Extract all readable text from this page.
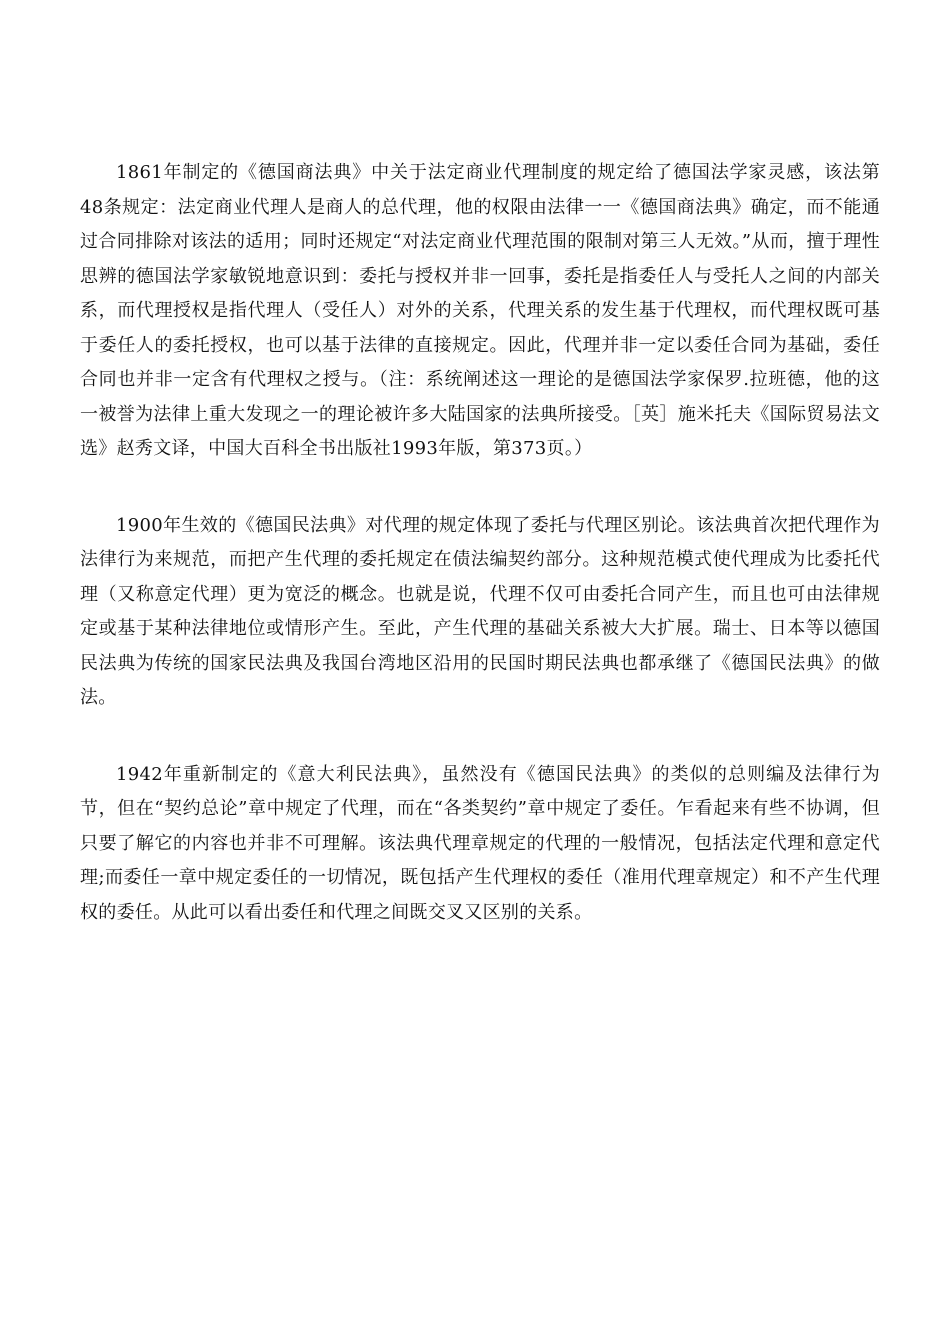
1861年制定的《德国商法典》中关于法定商业代理制度的规定给了德国法学家灵感，该法第48条规定：法定商业代理人是商人的总代理，他的权限由法律一一《德国商法典》确定，而不能通过合同排除对该法的适用；同时还规定“对法定商业代理范围的限制对第三人无效。”从而，擅于理性思辨的德国法学家敏锐地意识到：委托与授权并非一回事，委托是指委任人与受托人之间的内部关系，而代理授权是指代理人（受任人）对外的关系，代理关系的发生基于代理权，而代理权既可基于委任人的委托授权，也可以基于法律的直接规定。因此，代理并非一定以委任合同为基础，委任合同也并非一定含有代理权之授与。（注：系统阐述这一理论的是德国法学家保罗.拉班德，他的这一被誉为法律上重大发现之一的理论被许多大陆国家的法典所接受。［英］施米托夫《国际贸易法文选》赵秀文译，中国大百科全书出版社1993年版，第373页。）

1900年生效的《德国民法典》对代理的规定体现了委托与代理区别论。该法典首次把代理作为法律行为来规范，而把产生代理的委托规定在债法编契约部分。这种规范模式使代理成为比委托代理（又称意定代理）更为宽泛的概念。也就是说，代理不仅可由委托合同产生，而且也可由法律规定或基于某种法律地位或情形产生。至此，产生代理的基础关系被大大扩展。瑞士、日本等以德国民法典为传统的国家民法典及我国台湾地区沿用的民国时期民法典也都承继了《德国民法典》的做法。

1942年重新制定的《意大利民法典》，虽然没有《德国民法典》的类似的总则编及法律行为节，但在“契约总论”章中规定了代理，而在“各类契约”章中规定了委任。乍看起来有些不协调，但只要了解它的内容也并非不可理解。该法典代理章规定的代理的一般情况，包括法定代理和意定代理;而委任一章中规定委任的一切情况，既包括产生代理权的委任（准用代理章规定）和不产生代理权的委任。从此可以看出委任和代理之间既交叉又区别的关系。
